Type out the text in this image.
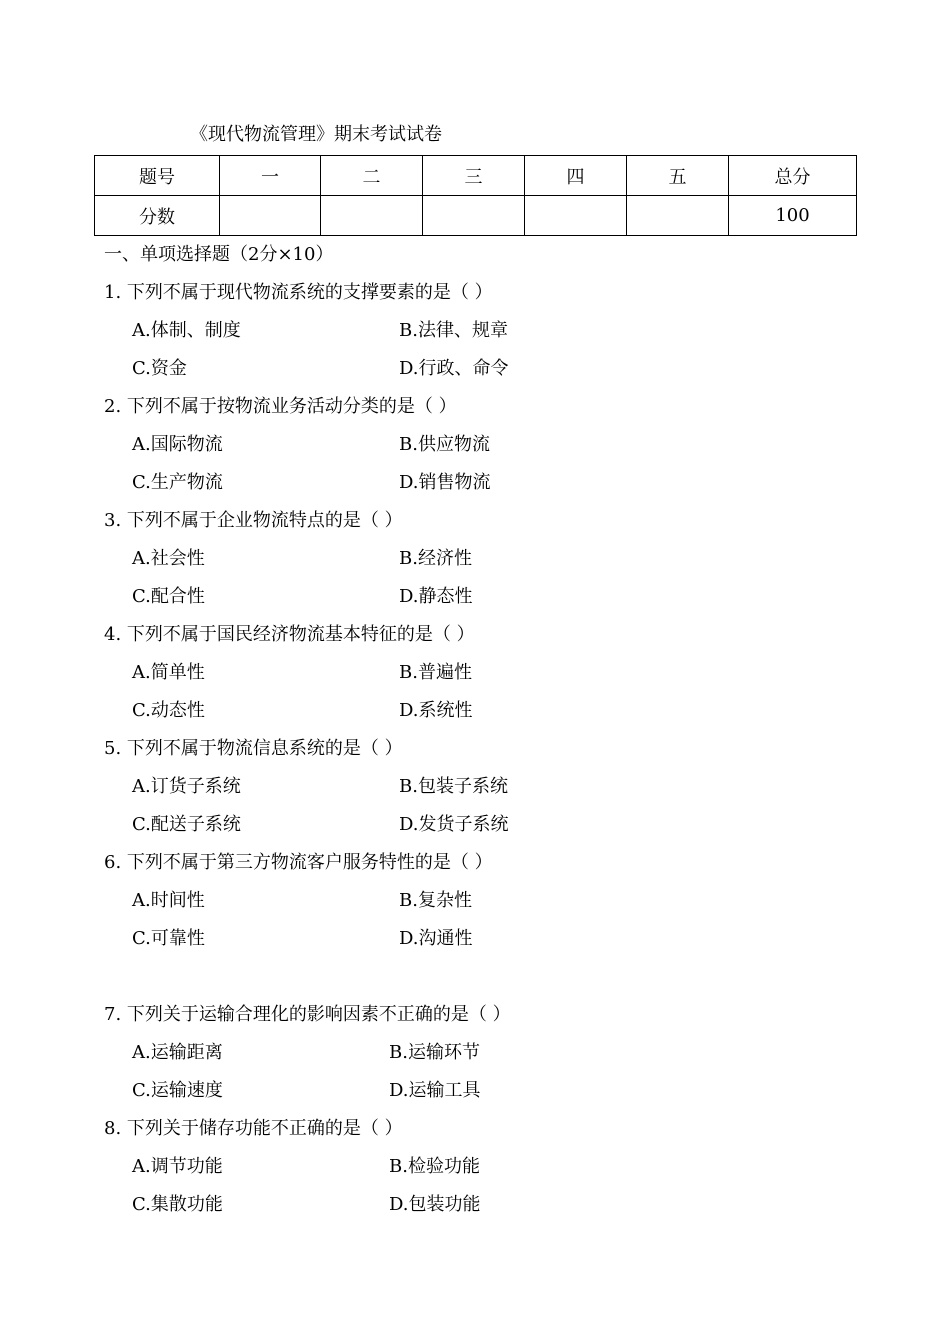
《现代物流管理》期末考试试卷
题号	一	二	三	四	五	总分
分数						100
一、单项选择题（2分×10）
1. 下列不属于现代物流系统的支撑要素的是（ ）
A.体制、制度	B.法律、规章
C.资金	D.行政、命令
2. 下列不属于按物流业务活动分类的是（ ）
A.国际物流	B.供应物流
C.生产物流	D.销售物流
3. 下列不属于企业物流特点的是（ ）
A.社会性	B.经济性
C.配合性	D.静态性
4. 下列不属于国民经济物流基本特征的是（ ）
A.简单性	B.普遍性
C.动态性	D.系统性
5. 下列不属于物流信息系统的是（ ）
A.订货子系统	B.包装子系统
C.配送子系统	D.发货子系统
6. 下列不属于第三方物流客户服务特性的是（ ）
A.时间性	B.复杂性
C.可靠性	D.沟通性
7. 下列关于运输合理化的影响因素不正确的是（ ）
A.运输距离	B.运输环节
C.运输速度	D.运输工具
8. 下列关于储存功能不正确的是（ ）
A.调节功能	B.检验功能
C.集散功能	D.包装功能
